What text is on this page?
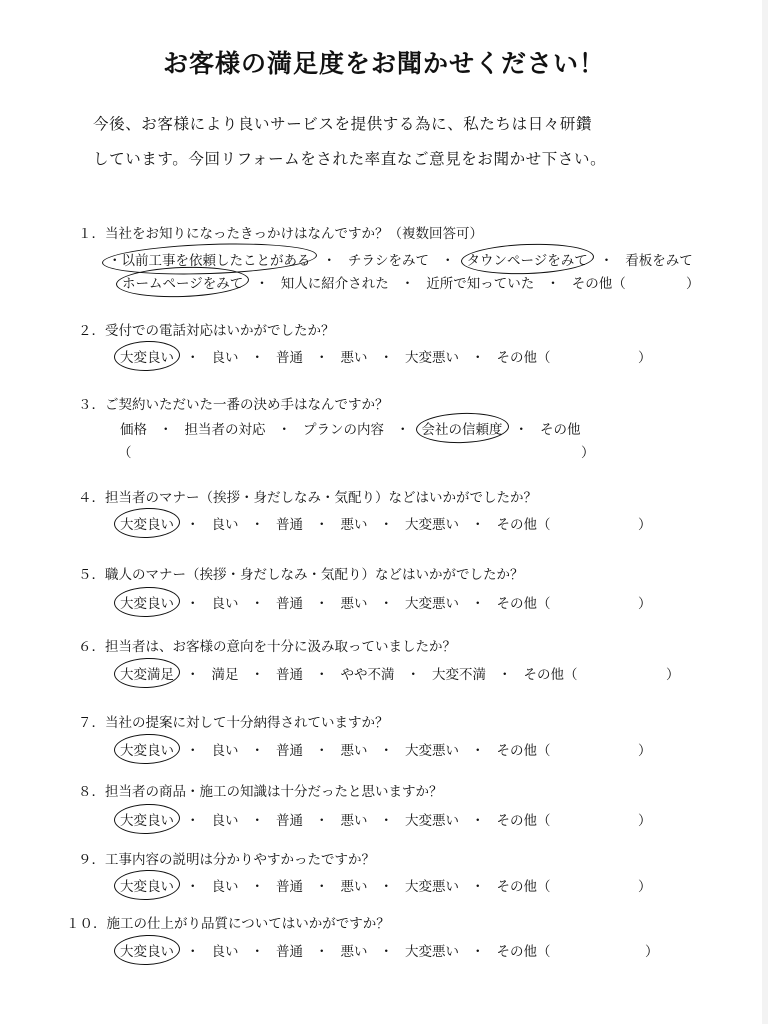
お客様の満足度をお聞かせください！
今後、お客様により良いサービスを提供する為に、私たちは日々研鑽
しています。今回リフォームをされた率直なご意見をお聞かせ下さい。
１．当社をお知りになったきっかけはなんですか？（複数回答可）
・以前工事を依頼したことがある ・ チラシをみて ・ タウンページをみて ・ 看板をみて
ホームページをみて ・ 知人に紹介された ・ 近所で知っていた ・ その他（	）
２．受付での電話対応はいかがでしたか？
大変良い ・ 良い ・ 普通 ・ 悪い ・ 大変悪い ・ その他（	）
３．ご契約いただいた一番の決め手はなんですか？
価格 ・ 担当者の対応 ・ プランの内容 ・ 会社の信頼度 ・ その他
（	）
４．担当者のマナー（挨拶・身だしなみ・気配り）などはいかがでしたか？
大変良い ・ 良い ・ 普通 ・ 悪い ・ 大変悪い ・ その他（	）
５．職人のマナー（挨拶・身だしなみ・気配り）などはいかがでしたか？
大変良い ・ 良い ・ 普通 ・ 悪い ・ 大変悪い ・ その他（	）
６．担当者は、お客様の意向を十分に汲み取っていましたか？
大変満足 ・ 満足 ・ 普通 ・ やや不満 ・ 大変不満 ・ その他（	）
７．当社の提案に対して十分納得されていますか？
大変良い ・ 良い ・ 普通 ・ 悪い ・ 大変悪い ・ その他（	）
８．担当者の商品・施工の知識は十分だったと思いますか？
大変良い ・ 良い ・ 普通 ・ 悪い ・ 大変悪い ・ その他（	）
９．工事内容の説明は分かりやすかったですか？
大変良い ・ 良い ・ 普通 ・ 悪い ・ 大変悪い ・ その他（	）
１０．施工の仕上がり品質についてはいかがですか？
大変良い ・ 良い ・ 普通 ・ 悪い ・ 大変悪い ・ その他（	）
